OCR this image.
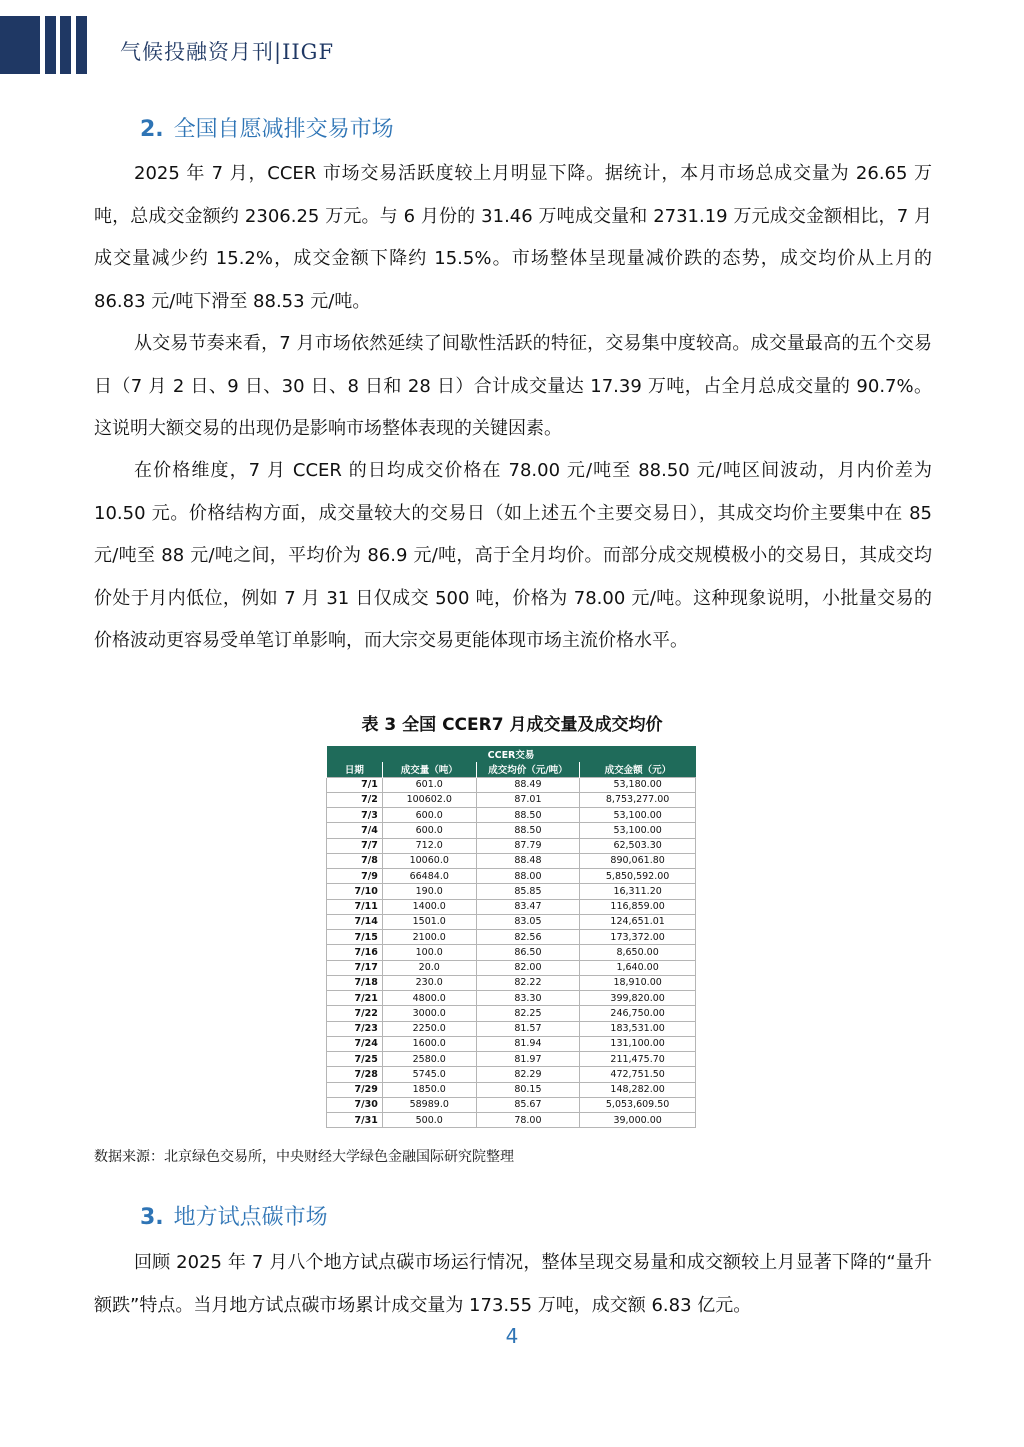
气候投融资月刊|IIGF
2. 全国自愿减排交易市场

2025 年 7 月，CCER 市场交易活跃度较上月明显下降。据统计，本月市场总成交量为 26.65 万吨，总成交金额约 2306.25 万元。与 6 月份的 31.46 万吨成交量和 2731.19 万元成交金额相比，7 月成交量减少约 15.2%，成交金额下降约 15.5%。市场整体呈现量减价跌的态势，成交均价从上月的 86.83 元/吨下滑至 88.53 元/吨。

从交易节奏来看，7 月市场依然延续了间歇性活跃的特征，交易集中度较高。成交量最高的五个交易日（7 月 2 日、9 日、30 日、8 日和 28 日）合计成交量达 17.39 万吨，占全月总成交量的 90.7%。这说明大额交易的出现仍是影响市场整体表现的关键因素。

在价格维度，7 月 CCER 的日均成交价格在 78.00 元/吨至 88.50 元/吨区间波动，月内价差为 10.50 元。价格结构方面，成交量较大的交易日（如上述五个主要交易日），其成交均价主要集中在 85 元/吨至 88 元/吨之间，平均价为 86.9 元/吨，高于全月均价。而部分成交规模极小的交易日，其成交均价处于月内低位，例如 7 月 31 日仅成交 500 吨，价格为 78.00 元/吨。这种现象说明，小批量交易的价格波动更容易受单笔订单影响，而大宗交易更能体现市场主流价格水平。

表 3 全国 CCER7 月成交量及成交均价
CCER交易			
日期	成交量（吨）	成交均价（元/吨）	成交金额（元）
7/1	601.0	88.49	53,180.00
7/2	100602.0	87.01	8,753,277.00
7/3	600.0	88.50	53,100.00
7/4	600.0	88.50	53,100.00
7/7	712.0	87.79	62,503.30
7/8	10060.0	88.48	890,061.80
7/9	66484.0	88.00	5,850,592.00
7/10	190.0	85.85	16,311.20
7/11	1400.0	83.47	116,859.00
7/14	1501.0	83.05	124,651.01
7/15	2100.0	82.56	173,372.00
7/16	100.0	86.50	8,650.00
7/17	20.0	82.00	1,640.00
7/18	230.0	82.22	18,910.00
7/21	4800.0	83.30	399,820.00
7/22	3000.0	82.25	246,750.00
7/23	2250.0	81.57	183,531.00
7/24	1600.0	81.94	131,100.00
7/25	2580.0	81.97	211,475.70
7/28	5745.0	82.29	472,751.50
7/29	1850.0	80.15	148,282.00
7/30	58989.0	85.67	5,053,609.50
7/31	500.0	78.00	39,000.00
数据来源：北京绿色交易所，中央财经大学绿色金融国际研究院整理
3. 地方试点碳市场

回顾 2025 年 7 月八个地方试点碳市场运行情况，整体呈现交易量和成交额较上月显著下降的“量升额跌”特点。当月地方试点碳市场累计成交量为 173.55 万吨，成交额 6.83 亿元。

4
